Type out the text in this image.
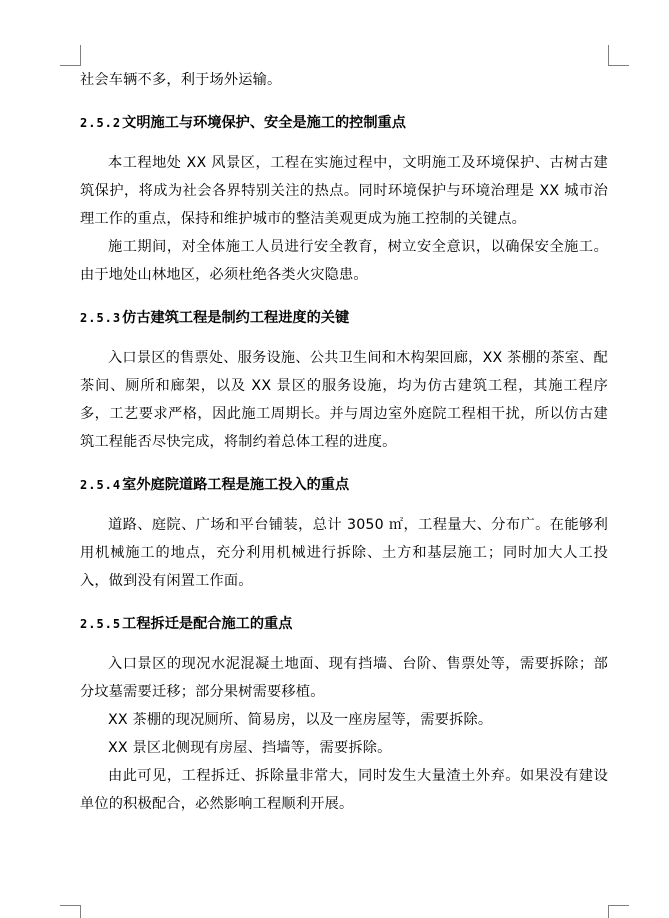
社会车辆不多，利于场外运输。

2.5.2文明施工与环境保护、安全是施工的控制重点

本工程地处 XX 风景区，工程在实施过程中，文明施工及环境保护、古树古建筑保护，将成为社会各界特别关注的热点。同时环境保护与环境治理是 XX 城市治理工作的重点，保持和维护城市的整洁美观更成为施工控制的关键点。

施工期间，对全体施工人员进行安全教育，树立安全意识，以确保安全施工。由于地处山林地区，必须杜绝各类火灾隐患。

2.5.3仿古建筑工程是制约工程进度的关键

入口景区的售票处、服务设施、公共卫生间和木构架回廊，XX 茶棚的茶室、配茶间、厕所和廊架，以及 XX 景区的服务设施，均为仿古建筑工程，其施工程序多，工艺要求严格，因此施工周期长。并与周边室外庭院工程相干扰，所以仿古建筑工程能否尽快完成，将制约着总体工程的进度。

2.5.4室外庭院道路工程是施工投入的重点

道路、庭院、广场和平台铺装，总计 3050 ㎡，工程量大、分布广。在能够利用机械施工的地点，充分利用机械进行拆除、土方和基层施工；同时加大人工投入，做到没有闲置工作面。

2.5.5工程拆迁是配合施工的重点

入口景区的现况水泥混凝土地面、现有挡墙、台阶、售票处等，需要拆除；部分坟墓需要迁移；部分果树需要移植。

XX 茶棚的现况厕所、简易房，以及一座房屋等，需要拆除。

XX 景区北侧现有房屋、挡墙等，需要拆除。

由此可见，工程拆迁、拆除量非常大，同时发生大量渣土外弃。如果没有建设单位的积极配合，必然影响工程顺利开展。
